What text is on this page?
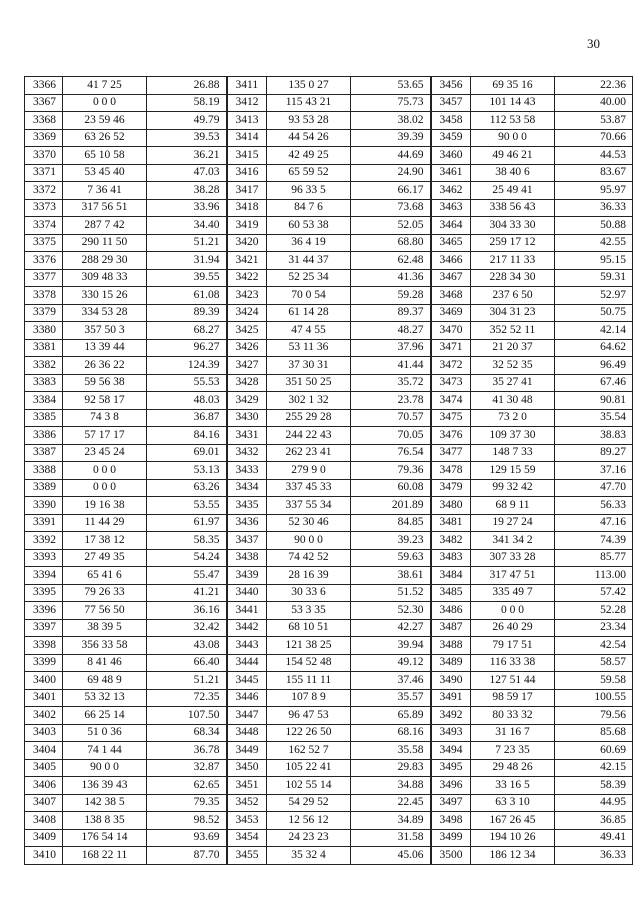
30
3366	41 7 25	26.88	3411	135 0 27	53.65	3456	69 35 16	22.36
3367	0 0 0	58.19	3412	115 43 21	75.73	3457	101 14 43	40.00
3368	23 59 46	49.79	3413	93 53 28	38.02	3458	112 53 58	53.87
3369	63 26 52	39.53	3414	44 54 26	39.39	3459	90 0 0	70.66
3370	65 10 58	36.21	3415	42 49 25	44.69	3460	49 46 21	44.53
3371	53 45 40	47.03	3416	65 59 52	24.90	3461	38 40 6	83.67
3372	7 36 41	38.28	3417	96 33 5	66.17	3462	25 49 41	95.97
3373	317 56 51	33.96	3418	84 7 6	73.68	3463	338 56 43	36.33
3374	287 7 42	34.40	3419	60 53 38	52.05	3464	304 33 30	50.88
3375	290 11 50	51.21	3420	36 4 19	68.80	3465	259 17 12	42.55
3376	288 29 30	31.94	3421	31 44 37	62.48	3466	217 11 33	95.15
3377	309 48 33	39.55	3422	52 25 34	41.36	3467	228 34 30	59.31
3378	330 15 26	61.08	3423	70 0 54	59.28	3468	237 6 50	52.97
3379	334 53 28	89.39	3424	61 14 28	89.37	3469	304 31 23	50.75
3380	357 50 3	68.27	3425	47 4 55	48.27	3470	352 52 11	42.14
3381	13 39 44	96.27	3426	53 11 36	37.96	3471	21 20 37	64.62
3382	26 36 22	124.39	3427	37 30 31	41.44	3472	32 52 35	96.49
3383	59 56 38	55.53	3428	351 50 25	35.72	3473	35 27 41	67.46
3384	92 58 17	48.03	3429	302 1 32	23.78	3474	41 30 48	90.81
3385	74 3 8	36.87	3430	255 29 28	70.57	3475	73 2 0	35.54
3386	57 17 17	84.16	3431	244 22 43	70.05	3476	109 37 30	38.83
3387	23 45 24	69.01	3432	262 23 41	76.54	3477	148 7 33	89.27
3388	0 0 0	53.13	3433	279 9 0	79.36	3478	129 15 59	37.16
3389	0 0 0	63.26	3434	337 45 33	60.08	3479	99 32 42	47.70
3390	19 16 38	53.55	3435	337 55 34	201.89	3480	68 9 11	56.33
3391	11 44 29	61.97	3436	52 30 46	84.85	3481	19 27 24	47.16
3392	17 38 12	58.35	3437	90 0 0	39.23	3482	341 34 2	74.39
3393	27 49 35	54.24	3438	74 42 52	59.63	3483	307 33 28	85.77
3394	65 41 6	55.47	3439	28 16 39	38.61	3484	317 47 51	113.00
3395	79 26 33	41.21	3440	30 33 6	51.52	3485	335 49 7	57.42
3396	77 56 50	36.16	3441	53 3 35	52.30	3486	0 0 0	52.28
3397	38 39 5	32.42	3442	68 10 51	42.27	3487	26 40 29	23.34
3398	356 33 58	43.08	3443	121 38 25	39.94	3488	79 17 51	42.54
3399	8 41 46	66.40	3444	154 52 48	49.12	3489	116 33 38	58.57
3400	69 48 9	51.21	3445	155 11 11	37.46	3490	127 51 44	59.58
3401	53 32 13	72.35	3446	107 8 9	35.57	3491	98 59 17	100.55
3402	66 25 14	107.50	3447	96 47 53	65.89	3492	80 33 32	79.56
3403	51 0 36	68.34	3448	122 26 50	68.16	3493	31 16 7	85.68
3404	74 1 44	36.78	3449	162 52 7	35.58	3494	7 23 35	60.69
3405	90 0 0	32.87	3450	105 22 41	29.83	3495	29 48 26	42.15
3406	136 39 43	62.65	3451	102 55 14	34.88	3496	33 16 5	58.39
3407	142 38 5	79.35	3452	54 29 52	22.45	3497	63 3 10	44.95
3408	138 8 35	98.52	3453	12 56 12	34.89	3498	167 26 45	36.85
3409	176 54 14	93.69	3454	24 23 23	31.58	3499	194 10 26	49.41
3410	168 22 11	87.70	3455	35 32 4	45.06	3500	186 12 34	36.33
